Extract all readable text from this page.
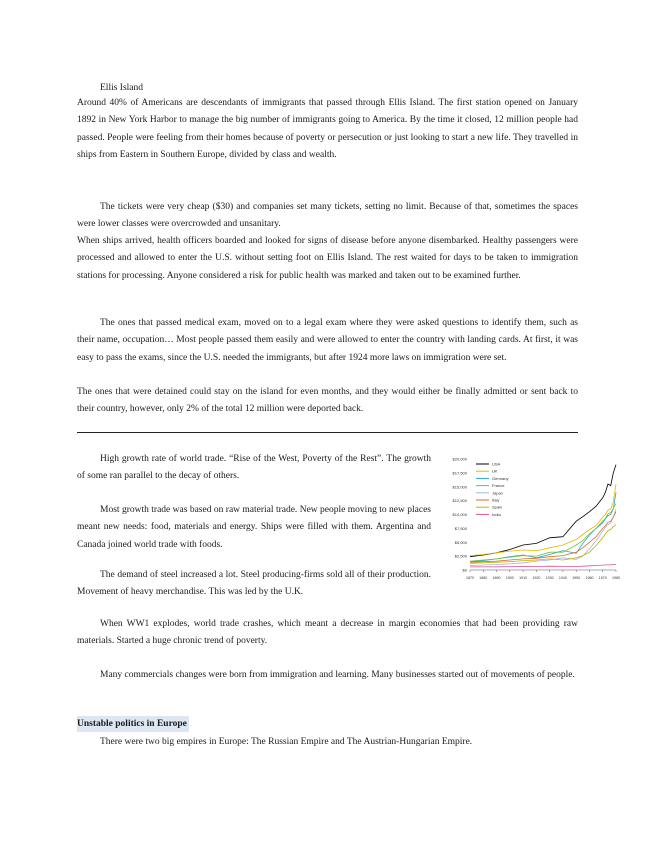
Ellis Island

Around 40% of Americans are descendants of immigrants that passed through Ellis Island. The first station opened on January 1892 in New York Harbor to manage the big number of immigrants going to America. By the time it closed, 12 million people had passed. People were feeling from their homes because of poverty or persecution or just looking to start a new life. They travelled in ships from Eastern in Southern Europe, divided by class and wealth.

The tickets were very cheap ($30) and companies set many tickets, setting no limit. Because of that, sometimes the spaces were lower classes were overcrowded and unsanitary.

When ships arrived, health officers boarded and looked for signs of disease before anyone disembarked. Healthy passengers were processed and allowed to enter the U.S. without setting foot on Ellis Island. The rest waited for days to be taken to immigration stations for processing. Anyone considered a risk for public health was marked and taken out to be examined further.

The ones that passed medical exam, moved on to a legal exam where they were asked questions to identify them, such as their name, occupation… Most people passed them easily and were allowed to enter the country with landing cards. At first, it was easy to pass the exams, since the U.S. needed the immigrants, but after 1924 more laws on immigration were set.

The ones that were detained could stay on the island for even months, and they would either be finally admitted or sent back to their country, however, only 2% of the total 12 million were deported back.

High growth rate of world trade. “Rise of the West, Poverty of the Rest”. The growth of some ran parallel to the decay of others.

Most growth trade was based on raw material trade. New people moving to new places meant new needs: food, materials and energy. Ships were filled with them. Argentina and Canada joined world trade with foods.

The demand of steel increased a lot. Steel producing-firms sold all of their production. Movement of heavy merchandise. This was led by the U.K.

When WW1 explodes, world trade crashes, which meant a decrease in margin economies that had been providing raw materials. Started a huge chronic trend of poverty.

Many commercials changes were born from immigration and learning. Many businesses started out of movements of people.

Unstable politics in Europe

There were two big empires in Europe: The Russian Empire and The Austrian-Hungarian Empire.

$0
$2,500
$5,000
$7,500
$10,000
$12,500
$15,000
$17,500
$20,000
1870 1880 1890 1900 1910 1920 1930 1940 1950 1960 1970 1980
USA
UK
Germany
France
Japan
Italy
Spain
India
